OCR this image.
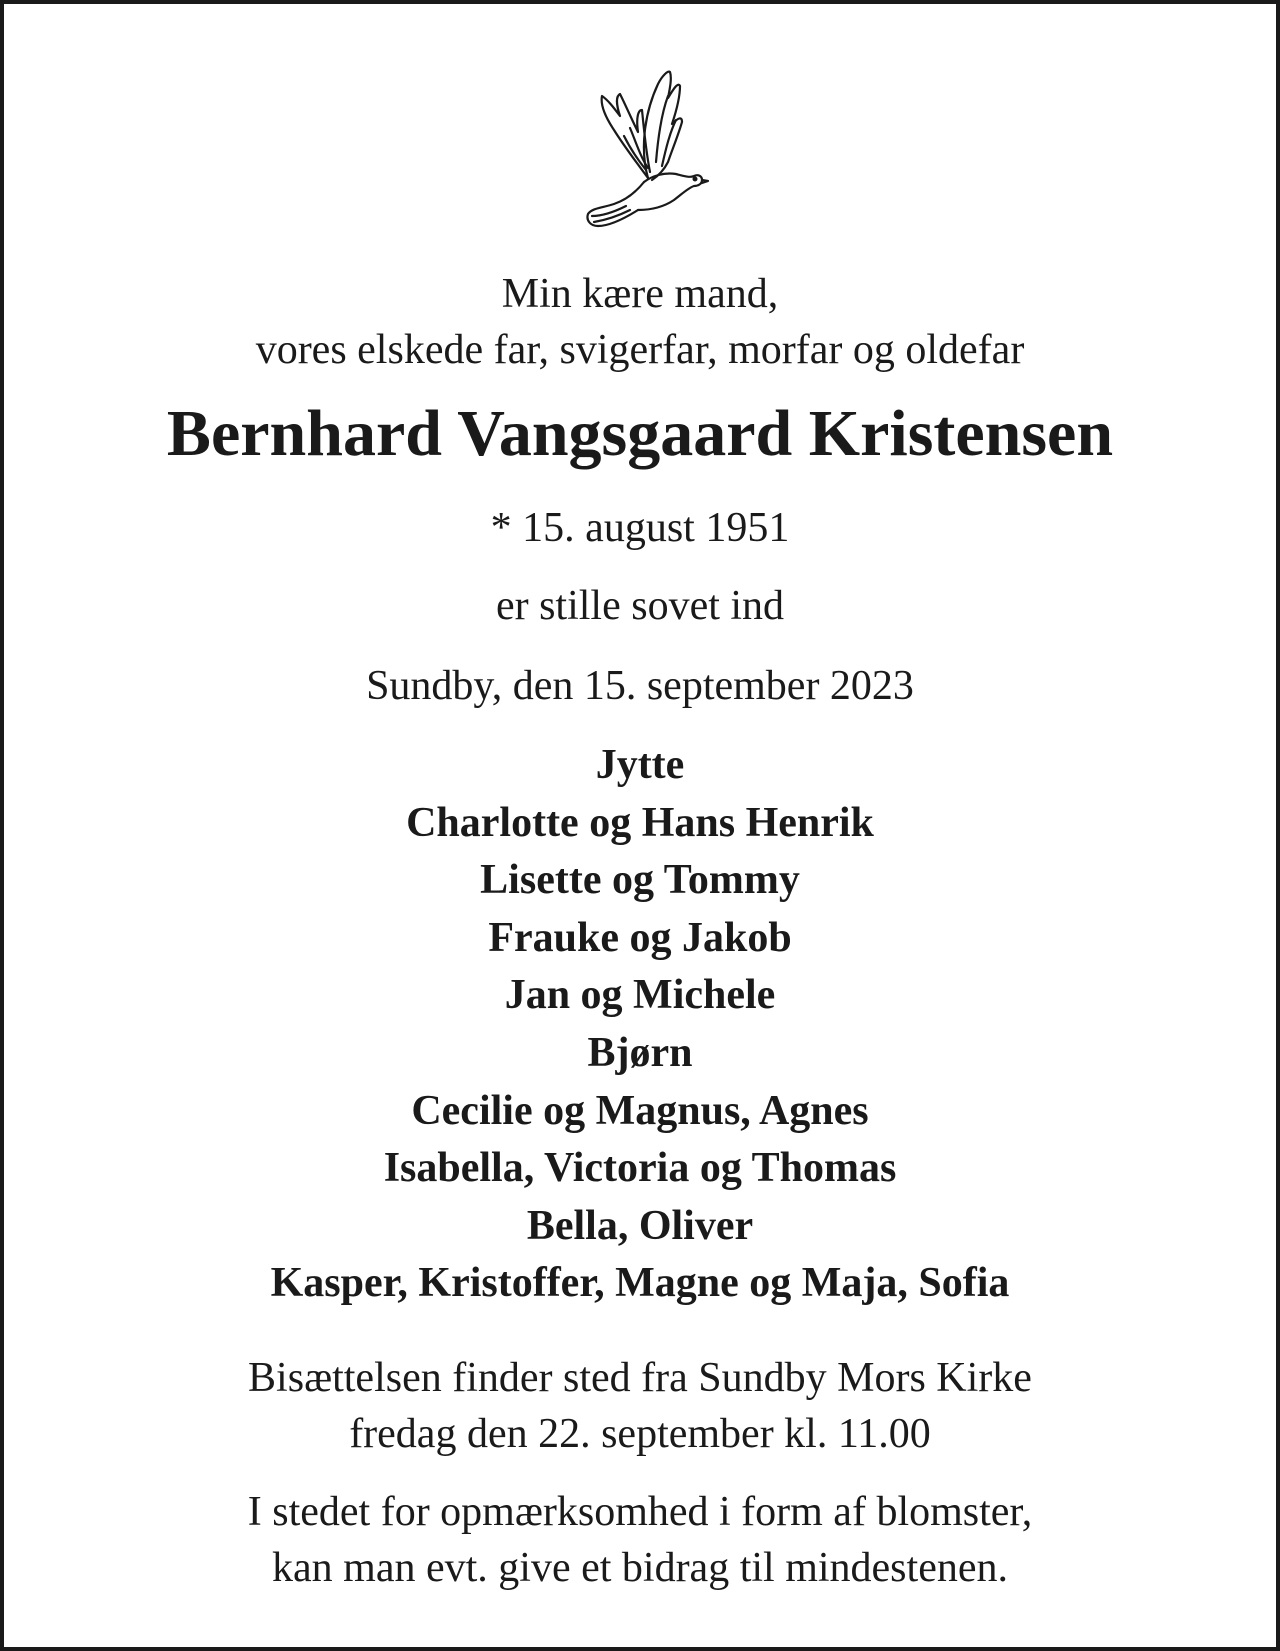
Min kære mand,
vores elskede far, svigerfar, morfar og oldefar
Bernhard Vangsgaard Kristensen
* 15. august 1951
er stille sovet ind
Sundby, den 15. september 2023
Jytte
Charlotte og Hans Henrik
Lisette og Tommy
Frauke og Jakob
Jan og Michele
Bjørn
Cecilie og Magnus, Agnes
Isabella, Victoria og Thomas
Bella, Oliver
Kasper, Kristoffer, Magne og Maja, Sofia
Bisættelsen finder sted fra Sundby Mors Kirke
fredag den 22. september kl. 11.00
I stedet for opmærksomhed i form af blomster,
kan man evt. give et bidrag til mindestenen.
